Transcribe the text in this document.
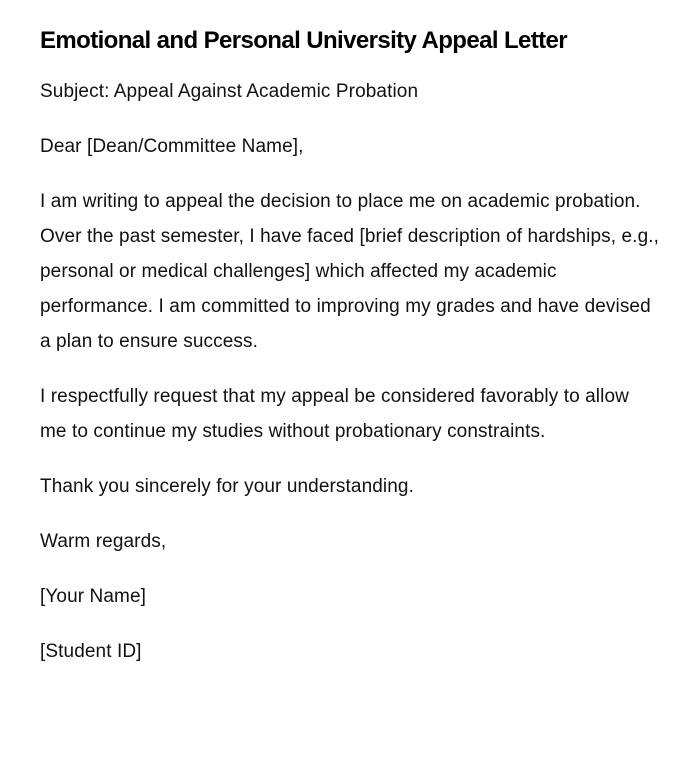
Emotional and Personal University Appeal Letter

Subject: Appeal Against Academic Probation

Dear [Dean/Committee Name],

I am writing to appeal the decision to place me on academic probation. Over the past semester, I have faced [brief description of hardships, e.g., personal or medical challenges] which affected my academic performance. I am committed to improving my grades and have devised a plan to ensure success.

I respectfully request that my appeal be considered favorably to allow me to continue my studies without probationary constraints.

Thank you sincerely for your understanding.

Warm regards,

[Your Name]

[Student ID]
